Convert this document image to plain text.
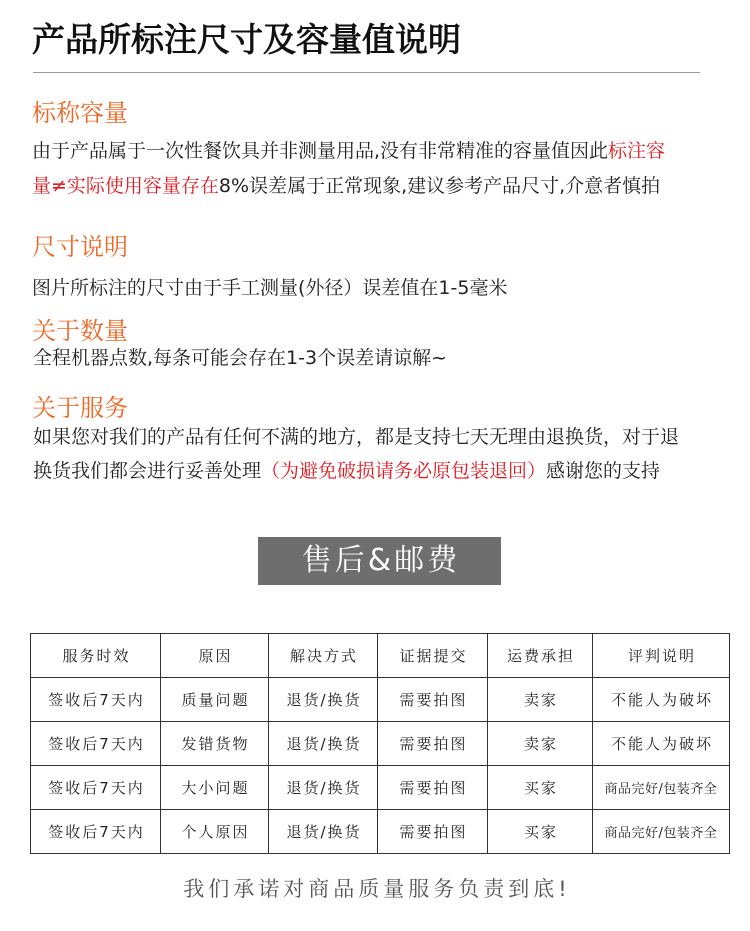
产品所标注尺寸及容量值说明
标称容量
由于产品属于一次性餐饮具并非测量用品,没有非常精准的容量值因此标注容
量≠实际使用容量存在8%误差属于正常现象,建议参考产品尺寸,介意者慎拍
尺寸说明
图片所标注的尺寸由于手工测量(外径）误差值在1-5毫米
关于数量
全程机器点数,每条可能会存在1-3个误差请谅解~
关于服务
如果您对我们的产品有任何不满的地方，都是支持七天无理由退换货，对于退
换货我们都会进行妥善处理（为避免破损请务必原包装退回）感谢您的支持
售后&邮费
服务时效	原因	解决方式	证据提交	运费承担	评判说明
签收后7天内	质量问题	退货/换货	需要拍图	卖家	不能人为破坏
签收后7天内	发错货物	退货/换货	需要拍图	卖家	不能人为破坏
签收后7天内	大小问题	退货/换货	需要拍图	买家	商品完好/包装齐全
签收后7天内	个人原因	退货/换货	需要拍图	买家	商品完好/包装齐全
我们承诺对商品质量服务负责到底!
